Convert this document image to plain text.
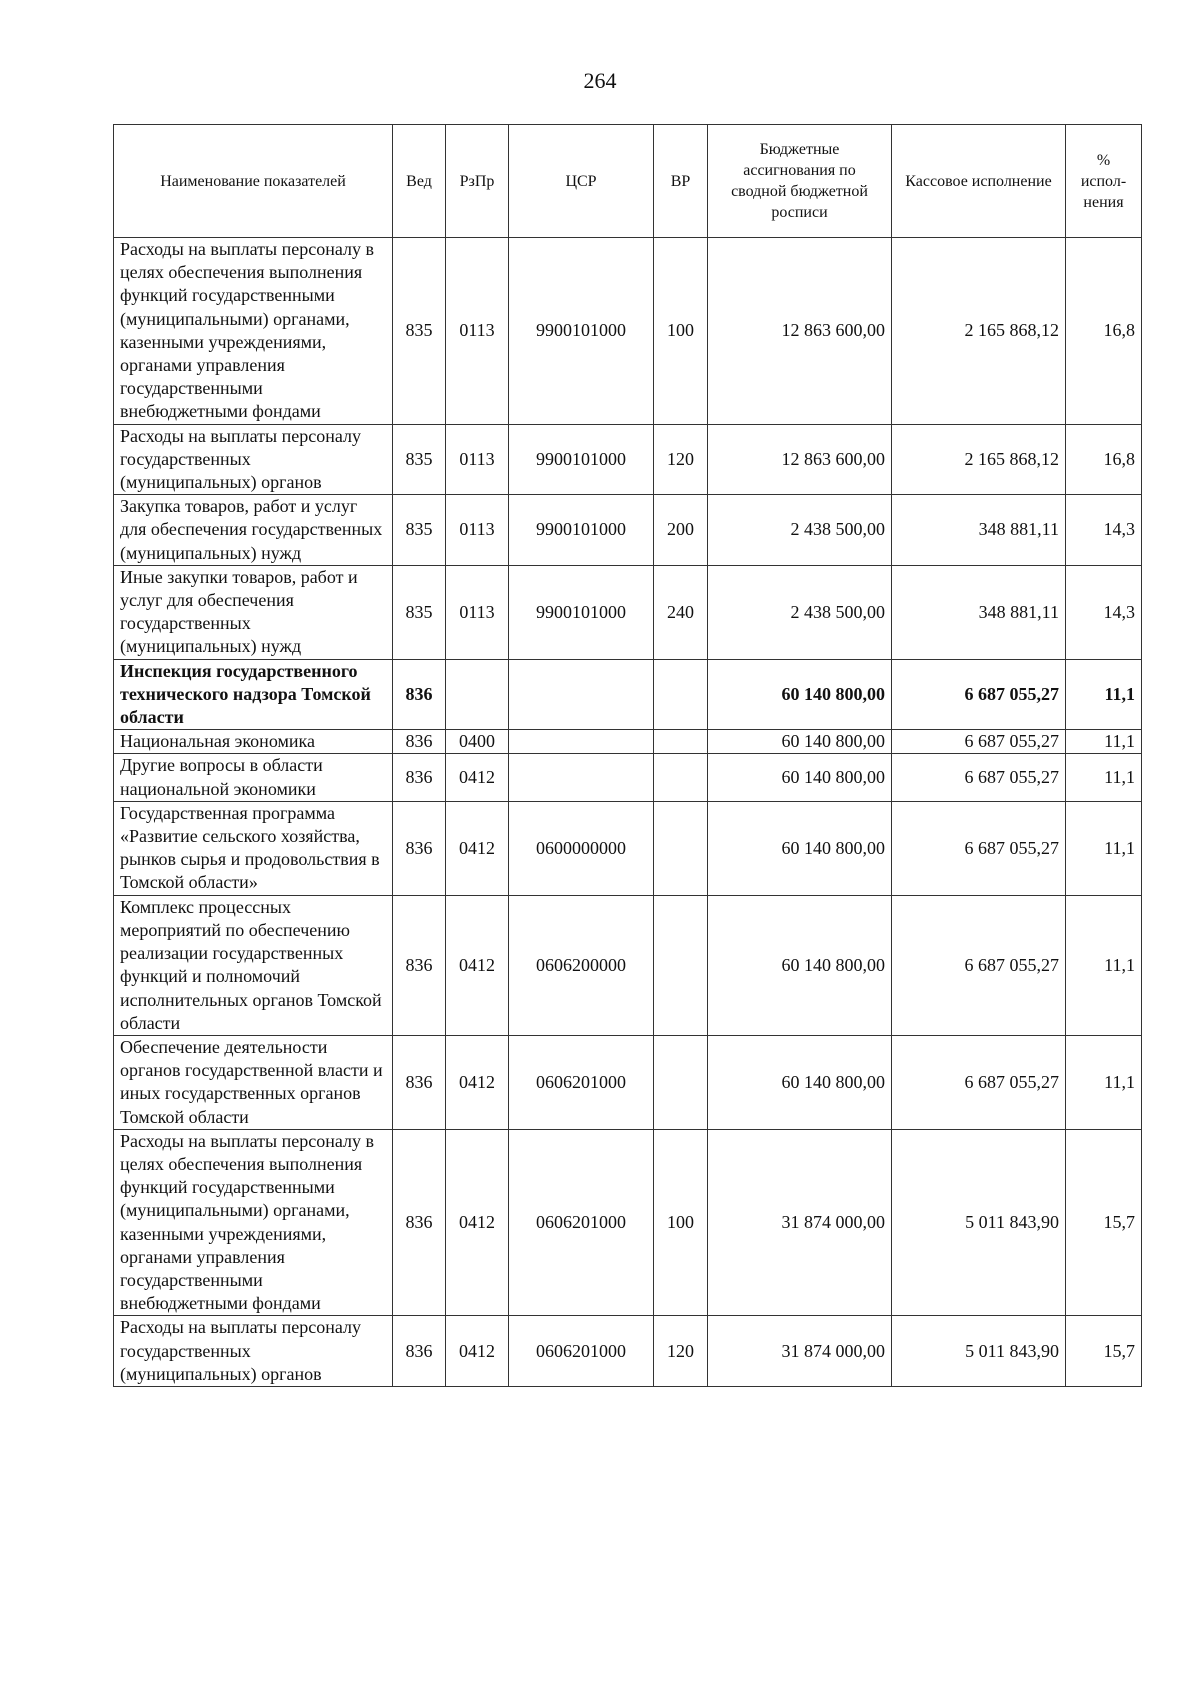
264
Наименование показателей	Вед	РзПр	ЦСР	ВР	Бюджетные ассигнования по сводной бюджетной росписи	Кассовое исполнение	% испол-нения
Расходы на выплаты персоналу в целях обеспечения выполнения функций государственными (муниципальными) органами, казенными учреждениями, органами управления государственными внебюджетными фондами	835	0113	9900101000	100	12 863 600,00	2 165 868,12	16,8
Расходы на выплаты персоналу государственных (муниципальных) органов	835	0113	9900101000	120	12 863 600,00	2 165 868,12	16,8
Закупка товаров, работ и услуг для обеспечения государственных (муниципальных) нужд	835	0113	9900101000	200	2 438 500,00	348 881,11	14,3
Иные закупки товаров, работ и услуг для обеспечения государственных (муниципальных) нужд	835	0113	9900101000	240	2 438 500,00	348 881,11	14,3
Инспекция государственного технического надзора Томской области	836				60 140 800,00	6 687 055,27	11,1
Национальная экономика	836	0400			60 140 800,00	6 687 055,27	11,1
Другие вопросы в области национальной экономики	836	0412			60 140 800,00	6 687 055,27	11,1
Государственная программа «Развитие сельского хозяйства, рынков сырья и продовольствия в Томской области»	836	0412	0600000000		60 140 800,00	6 687 055,27	11,1
Комплекс процессных мероприятий по обеспечению реализации государственных функций и полномочий исполнительных органов Томской области	836	0412	0606200000		60 140 800,00	6 687 055,27	11,1
Обеспечение деятельности органов государственной власти и иных государственных органов Томской области	836	0412	0606201000		60 140 800,00	6 687 055,27	11,1
Расходы на выплаты персоналу в целях обеспечения выполнения функций государственными (муниципальными) органами, казенными учреждениями, органами управления государственными внебюджетными фондами	836	0412	0606201000	100	31 874 000,00	5 011 843,90	15,7
Расходы на выплаты персоналу государственных (муниципальных) органов	836	0412	0606201000	120	31 874 000,00	5 011 843,90	15,7
